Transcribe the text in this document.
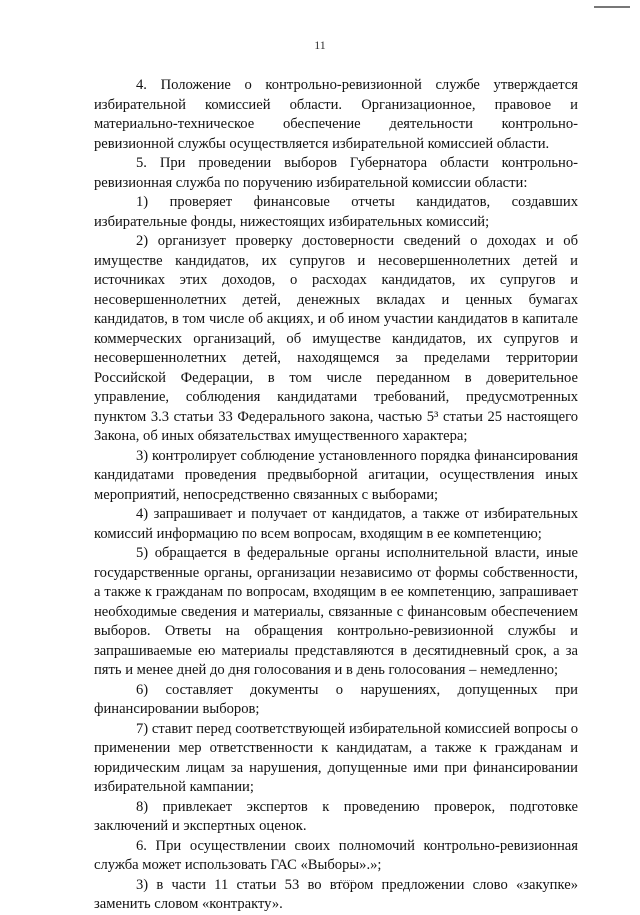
11

4. Положение о контрольно-ревизионной службе утверждается избирательной комиссией области. Организационное, правовое и материально-техническое обеспечение деятельности контрольно-ревизионной службы осуществляется избирательной комиссией области.

5. При проведении выборов Губернатора области контрольно-ревизионная служба по поручению избирательной комиссии области:

1) проверяет финансовые отчеты кандидатов, создавших избирательные фонды, нижестоящих избирательных комиссий;

2) организует проверку достоверности сведений о доходах и об имуществе кандидатов, их супругов и несовершеннолетних детей и источниках этих доходов, о расходах кандидатов, их супругов и несовершеннолетних детей, денежных вкладах и ценных бумагах кандидатов, в том числе об акциях, и об ином участии кандидатов в капитале коммерческих организаций, об имуществе кандидатов, их супругов и несовершеннолетних детей, находящемся за пределами территории Российской Федерации, в том числе переданном в доверительное управление, соблюдения кандидатами требований, предусмотренных пунктом 3.3 статьи 33 Федерального закона, частью 5³ статьи 25 настоящего Закона, об иных обязательствах имущественного характера;

3) контролирует соблюдение установленного порядка финансирования кандидатами проведения предвыборной агитации, осуществления иных мероприятий, непосредственно связанных с выборами;

4) запрашивает и получает от кандидатов, а также от избирательных комиссий информацию по всем вопросам, входящим в ее компетенцию;

5) обращается в федеральные органы исполнительной власти, иные государственные органы, организации независимо от формы собственности, а также к гражданам по вопросам, входящим в ее компетенцию, запрашивает необходимые сведения и материалы, связанные с финансовым обеспечением выборов. Ответы на обращения контрольно-ревизионной службы и запрашиваемые ею материалы представляются в десятидневный срок, а за пять и менее дней до дня голосования и в день голосования – немедленно;

6) составляет документы о нарушениях, допущенных при финансировании выборов;

7) ставит перед соответствующей избирательной комиссией вопросы о применении мер ответственности к кандидатам, а также к гражданам и юридическим лицам за нарушения, допущенные ими при финансировании избирательной кампании;

8) привлекает экспертов к проведению проверок, подготовке заключений и экспертных оценок.

6. При осуществлении своих полномочий контрольно-ревизионная служба может использовать ГАС «Выборы».»;

3) в части 11 статьи 53 во втором предложении слово «закупке» заменить словом «контракту».
